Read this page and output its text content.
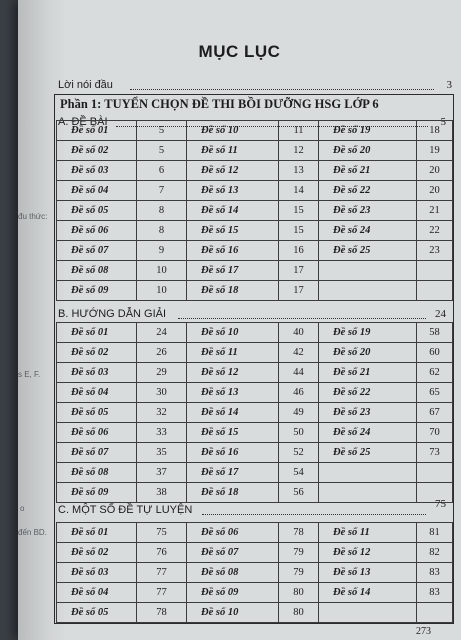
đu thức:
s E, F.
o
đến BD.
MỤC LỤC
Lời nói đầu	3
Phần 1: TUYỂN CHỌN ĐỀ THI BỒI DƯỠNG HSG LỚP 6
A. ĐỀ BÀI	5
Đề số 01	5	Đề số 10	11	Đề số 19	18
Đề số 02	5	Đề số 11	12	Đề số 20	19
Đề số 03	6	Đề số 12	13	Đề số 21	20
Đề số 04	7	Đề số 13	14	Đề số 22	20
Đề số 05	8	Đề số 14	15	Đề số 23	21
Đề số 06	8	Đề số 15	15	Đề số 24	22
Đề số 07	9	Đề số 16	16	Đề số 25	23
Đề số 08	10	Đề số 17	17		
Đề số 09	10	Đề số 18	17		
B. HƯỚNG DẪN GIẢI	24
Đề số 01	24	Đề số 10	40	Đề số 19	58
Đề số 02	26	Đề số 11	42	Đề số 20	60
Đề số 03	29	Đề số 12	44	Đề số 21	62
Đề số 04	30	Đề số 13	46	Đề số 22	65
Đề số 05	32	Đề số 14	49	Đề số 23	67
Đề số 06	33	Đề số 15	50	Đề số 24	70
Đề số 07	35	Đề số 16	52	Đề số 25	73
Đề số 08	37	Đề số 17	54		
Đề số 09	38	Đề số 18	56		
C. MỘT SỐ ĐỀ TỰ LUYỆN	75
Đề số 01	75	Đề số 06	78	Đề số 11	81
Đề số 02	76	Đề số 07	79	Đề số 12	82
Đề số 03	77	Đề số 08	79	Đề số 13	83
Đề số 04	77	Đề số 09	80	Đề số 14	83
Đề số 05	78	Đề số 10	80		
273
